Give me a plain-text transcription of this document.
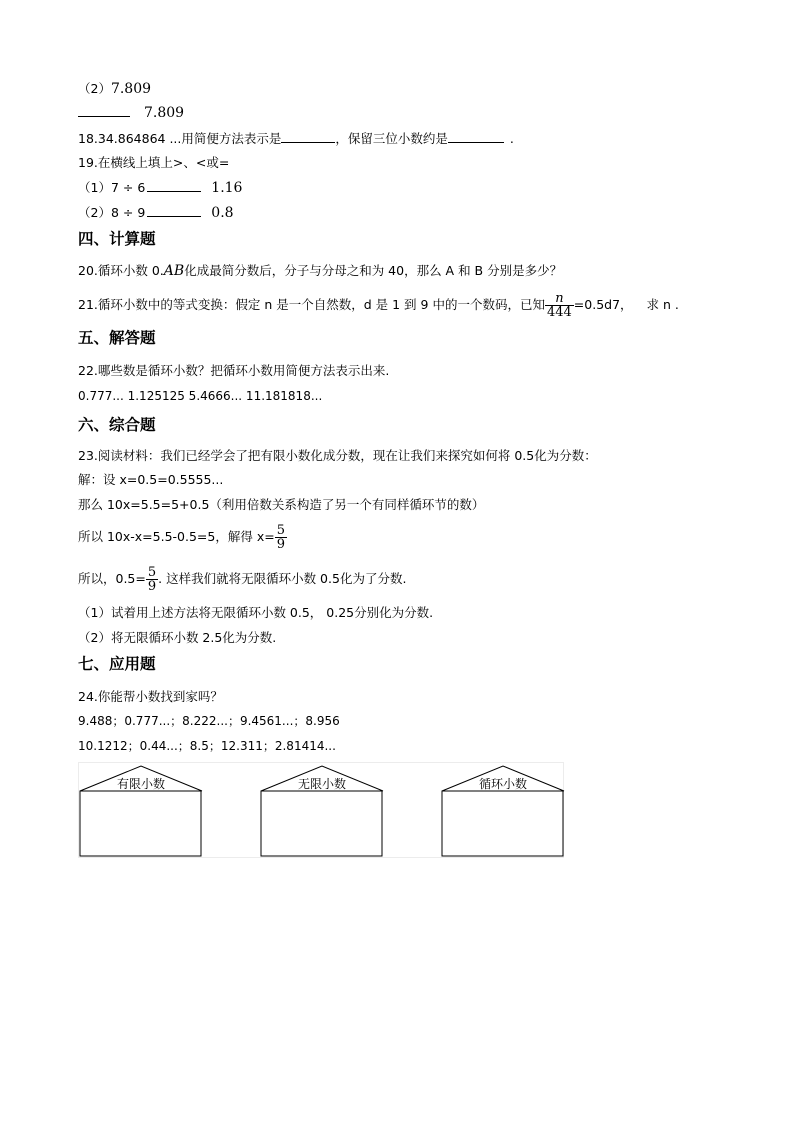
（2）7.809
7.809
18.34.864864 ...用简便方法表示是	，保留三位小数约是	.
19.在横线上填上>、<或=
（1）7 ÷ 6	1.16
（2）8 ÷ 9	0.8
四、计算题
20.循环小数 0.AB化成最简分数后，分子与分母之和为 40，那么 A 和 B 分别是多少？
21.循环小数中的等式变换：假定 n 是一个自然数，d 是 1 到 9 中的一个数码，已知 $\frac{n}{444} =0.5d7$， 求 n .
五、解答题
22.哪些数是循环小数？把循环小数用简便方法表示出来.
0.777... 1.125125 5.4666... 11.181818...
六、综合题
23.阅读材料：我们已经学会了把有限小数化成分数，现在让我们来探究如何将 0.5化为分数：
解：设 x=0.5=0.5555...
那么 10x=5.5=5+0.5（利用倍数关系构造了另一个有同样循环节的数）
所以 10x-x=5.5-0.5=5，解得 $x= \frac{5}{9}$
所以，$0.5= \frac{5}{9}$ . 这样我们就将无限循环小数 0.5化为了分数.
（1）试着用上述方法将无限循环小数 0.5， 0.25分别化为分数.
（2）将无限循环小数 2.5化为分数.
七、应用题
24.你能帮小数找到家吗？
9.488；0.777...；8.222...；9.4561...；8.956
10.1212；0.44...；8.5；12.311；2.81414...
有限小数	无限小数	循环小数
